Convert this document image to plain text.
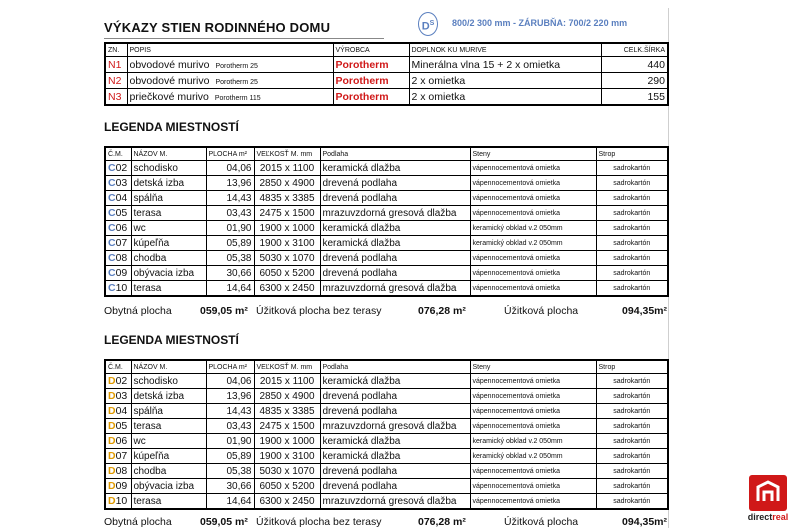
VÝKAZY STIEN RODINNÉHO DOMU	$D^S$	800/2 300 mm - ZÁRUBŇA: 700/2 220 mm
ZN.	POPIS	VÝROBCA	DOPLNOK KU MURIVE	CELK.ŠÍRKA
N1	obvodové murivo Porotherm 25	Porotherm	Minerálna vlna 15 + 2 x omietka	440
N2	obvodové murivo Porotherm 25	Porotherm	2 x omietka	290
N3	priečkové murivo Porotherm 115	Porotherm	2 x omietka	155
LEGENDA MIESTNOSTÍ
Č.M.	NÁZOV M.	PLOCHA m²	VEĽKOSŤ M. mm	Podlaha	Steny	Strop
C02	schodisko	04,06	2015 x 1100	keramická dlažba	vápennocementová omietka	sadrokartón
C03	detská izba	13,96	2850 x 4900	drevená podlaha	vápennocementová omietka	sadrokartón
C04	spálňa	14,43	4835 x 3385	drevená podlaha	vápennocementová omietka	sadrokartón
C05	terasa	03,43	2475 x 1500	mrazuvzdorná gresová dlažba	vápennocementová omietka	sadrokartón
C06	wc	01,90	1900 x 1000	keramická dlažba	keramický obklad v.2 050mm	sadrokartón
C07	kúpeľňa	05,89	1900 x 3100	keramická dlažba	keramický obklad v.2 050mm	sadrokartón
C08	chodba	05,38	5030 x 1070	drevená podlaha	vápennocementová omietka	sadrokartón
C09	obývacia izba	30,66	6050 x 5200	drevená podlaha	vápennocementová omietka	sadrokartón
C10	terasa	14,64	6300 x 2450	mrazuvzdorná gresová dlažba	vápennocementová omietka	sadrokartón
Obytná plocha	059,05 m² Úžitková plocha bez terasy	076,28 m²	Úžitková plocha	094,35m²
LEGENDA MIESTNOSTÍ
Č.M.	NÁZOV M.	PLOCHA m²	VEĽKOSŤ M. mm	Podlaha	Steny	Strop
D02	schodisko	04,06	2015 x 1100	keramická dlažba	vápennocementová omietka	sadrokartón
D03	detská izba	13,96	2850 x 4900	drevená podlaha	vápennocementová omietka	sadrokartón
D04	spálňa	14,43	4835 x 3385	drevená podlaha	vápennocementová omietka	sadrokartón
D05	terasa	03,43	2475 x 1500	mrazuvzdorná gresová dlažba	vápennocementová omietka	sadrokartón
D06	wc	01,90	1900 x 1000	keramická dlažba	keramický obklad v.2 050mm	sadrokartón
D07	kúpeľňa	05,89	1900 x 3100	keramická dlažba	keramický obklad v.2 050mm	sadrokartón
D08	chodba	05,38	5030 x 1070	drevená podlaha	vápennocementová omietka	sadrokartón
D09	obývacia izba	30,66	6050 x 5200	drevená podlaha	vápennocementová omietka	sadrokartón
D10	terasa	14,64	6300 x 2450	mrazuvzdorná gresová dlažba	vápennocementová omietka	sadrokartón
Obytná plocha	059,05 m² Úžitková plocha bez terasy	076,28 m²	Úžitková plocha	094,35m²	directreal
